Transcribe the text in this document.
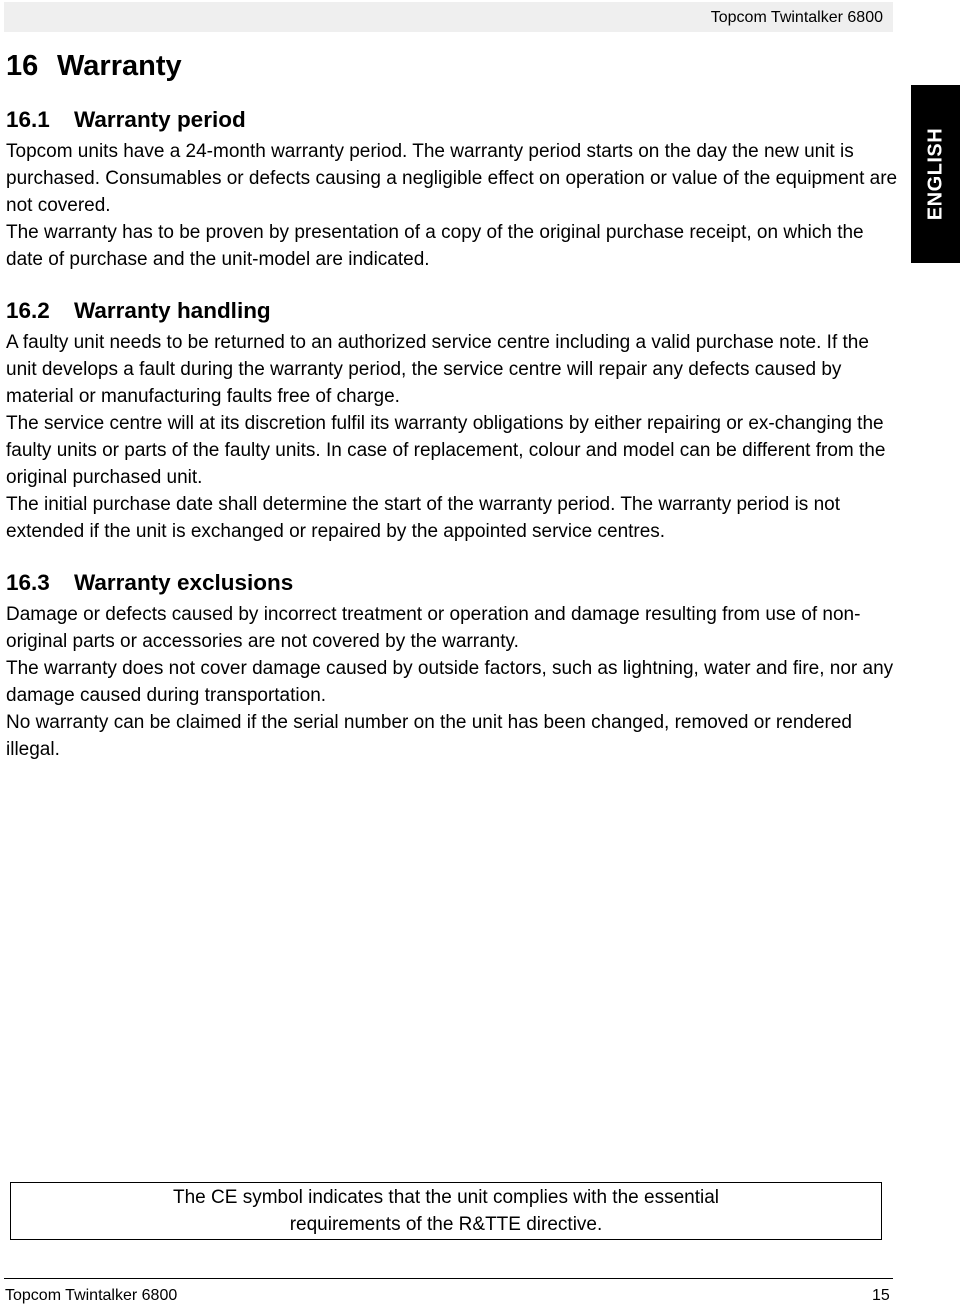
Topcom Twintalker 6800
ENGLISH
16 Warranty
16.1 Warranty period

Topcom units have a 24-month warranty period. The warranty period starts on the day the new unit is purchased. Consumables or defects causing a negligible effect on operation or value of the equipment are not covered.

The warranty has to be proven by presentation of a copy of the original purchase receipt, on which the date of purchase and the unit-model are indicated.

16.2 Warranty handling

A faulty unit needs to be returned to an authorized service centre including a valid purchase note. If the unit develops a fault during the warranty period, the service centre will repair any defects caused by material or manufacturing faults free of charge.

The service centre will at its discretion fulfil its warranty obligations by either repairing or ex-changing the faulty units or parts of the faulty units. In case of replacement, colour and model can be different from the original purchased unit.

The initial purchase date shall determine the start of the warranty period. The warranty period is not extended if the unit is exchanged or repaired by the appointed service centres.

16.3 Warranty exclusions

Damage or defects caused by incorrect treatment or operation and damage resulting from use of non-original parts or accessories are not covered by the warranty.

The warranty does not cover damage caused by outside factors, such as lightning, water and fire, nor any damage caused during transportation.

No warranty can be claimed if the serial number on the unit has been changed, removed or rendered illegal.

The CE symbol indicates that the unit complies with the essential
requirements of the R&TTE directive.
Topcom Twintalker 6800	15
